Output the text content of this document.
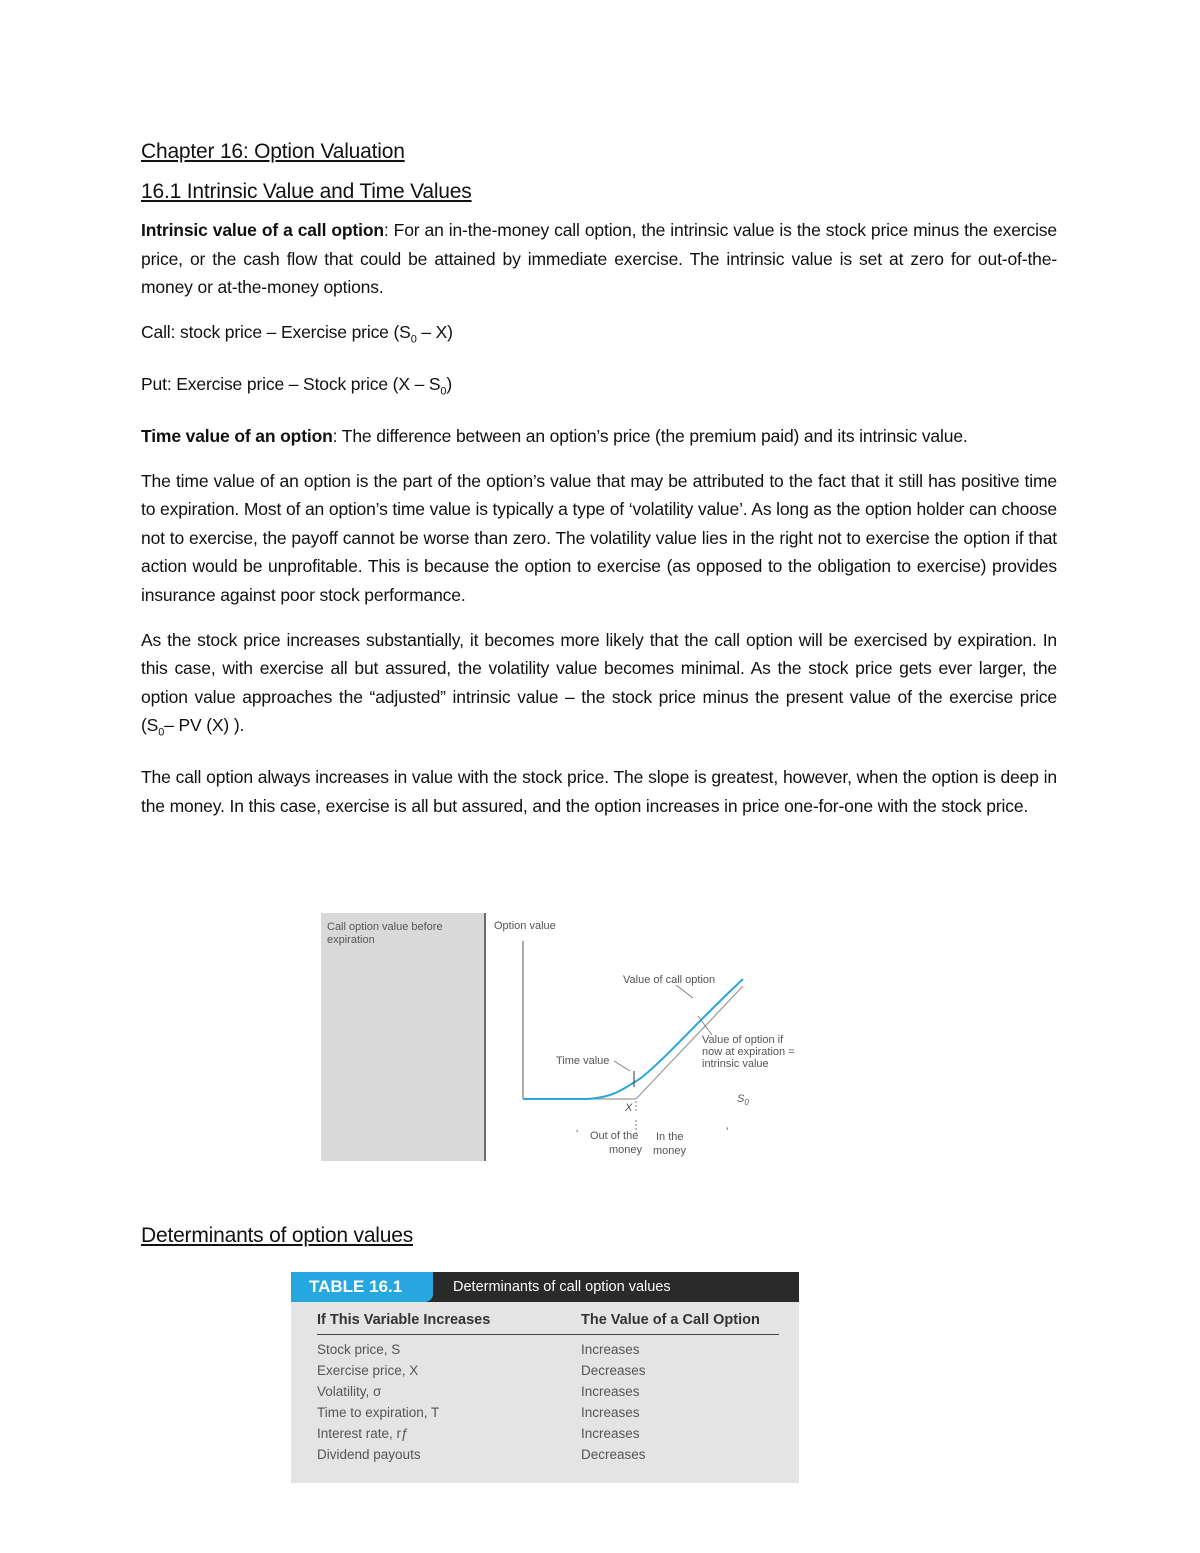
Chapter 16: Option Valuation
16.1 Intrinsic Value and Time Values

Intrinsic value of a call option: For an in-the-money call option, the intrinsic value is the stock price minus the exercise price, or the cash flow that could be attained by immediate exercise. The intrinsic value is set at zero for out-of-the-money or at-the-money options.

Call: stock price – Exercise price $(S_0 - X)$

Put: Exercise price – Stock price $(X - S_0)$

Time value of an option: The difference between an option’s price (the premium paid) and its intrinsic value.

The time value of an option is the part of the option’s value that may be attributed to the fact that it still has positive time to expiration. Most of an option’s time value is typically a type of ‘volatility value’. As long as the option holder can choose not to exercise, the payoff cannot be worse than zero. The volatility value lies in the right not to exercise the option if that action would be unprofitable. This is because the option to exercise (as opposed to the obligation to exercise) provides insurance against poor stock performance.

As the stock price increases substantially, it becomes more likely that the call option will be exercised by expiration. In this case, with exercise all but assured, the volatility value becomes minimal. As the stock price gets ever larger, the option value approaches the “adjusted” intrinsic value – the stock price minus the present value of the exercise price ($S_0-$ PV (X) ).

The call option always increases in value with the stock price. The slope is greatest, however, when the option is deep in the money. In this case, exercise is all but assured, and the option increases in price one-for-one with the stock price.

Call option value before expiration
Option value
X
Value of call option
Value of option if
now at expiration =
intrinsic value
Time value
$S_0$
Out of the
money
In the
money
‘	’
Determinants of option values
TABLE 16.1	Determinants of call option values
If This Variable Increases	The Value of a Call Option
Stock price, S	Increases
Exercise price, X	Decreases
Volatility, σ	Increases
Time to expiration, T	Increases
Interest rate, rƒ	Increases
Dividend payouts	Decreases
